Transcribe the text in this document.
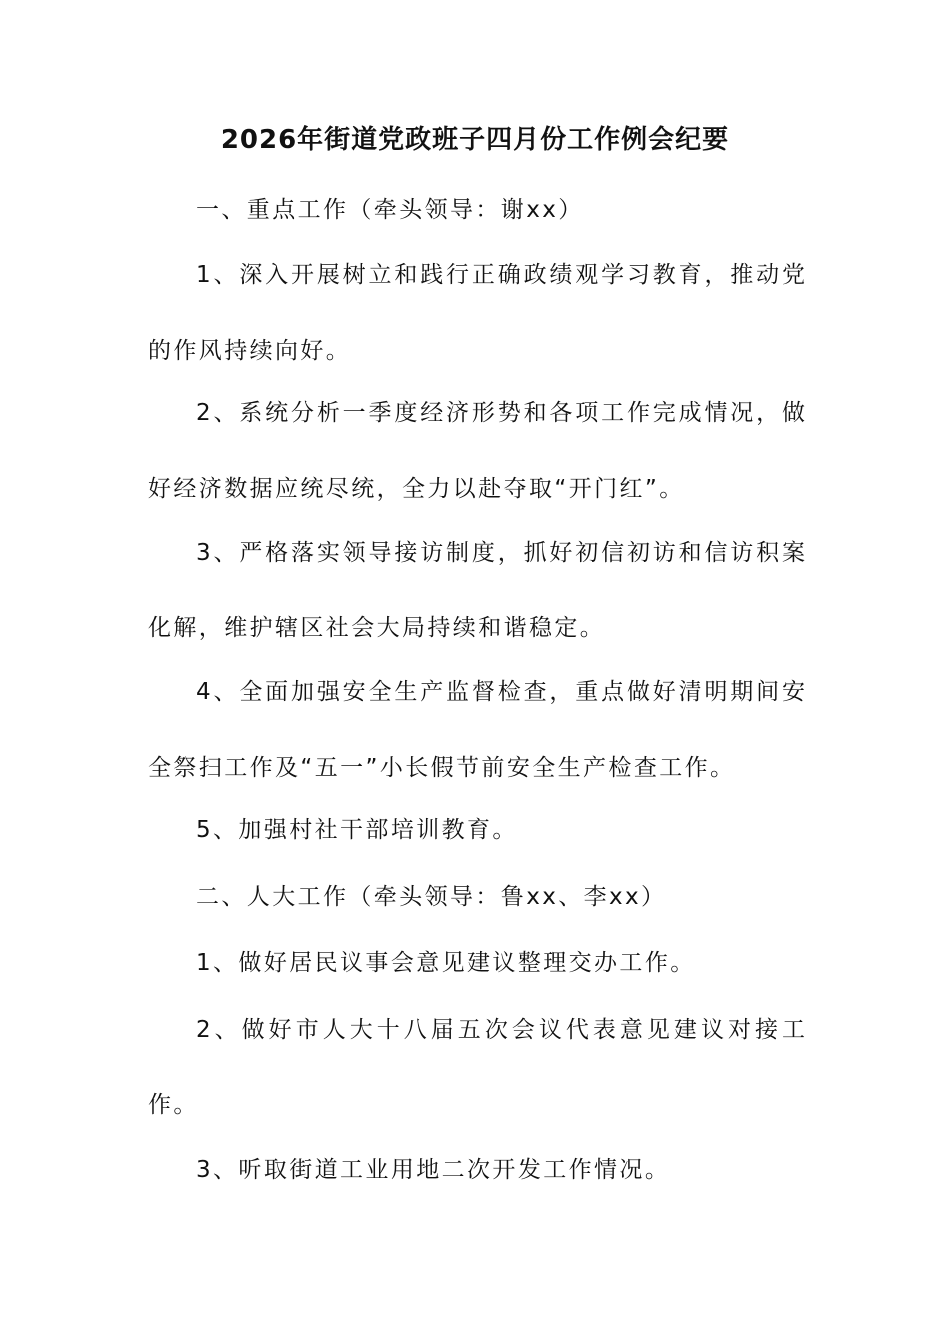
2026年街道党政班子四月份工作例会纪要
一、重点工作（牵头领导：谢xx）
1、深入开展树立和践行正确政绩观学习教育，推动党
的作风持续向好。
2、系统分析一季度经济形势和各项工作完成情况，做
好经济数据应统尽统，全力以赴夺取“开门红”。
3、严格落实领导接访制度，抓好初信初访和信访积案
化解，维护辖区社会大局持续和谐稳定。
4、全面加强安全生产监督检查，重点做好清明期间安
全祭扫工作及“五一”小长假节前安全生产检查工作。
5、加强村社干部培训教育。
二、人大工作（牵头领导：鲁xx、李xx）
1、做好居民议事会意见建议整理交办工作。
2、做好市人大十八届五次会议代表意见建议对接工
作。
3、听取街道工业用地二次开发工作情况。
